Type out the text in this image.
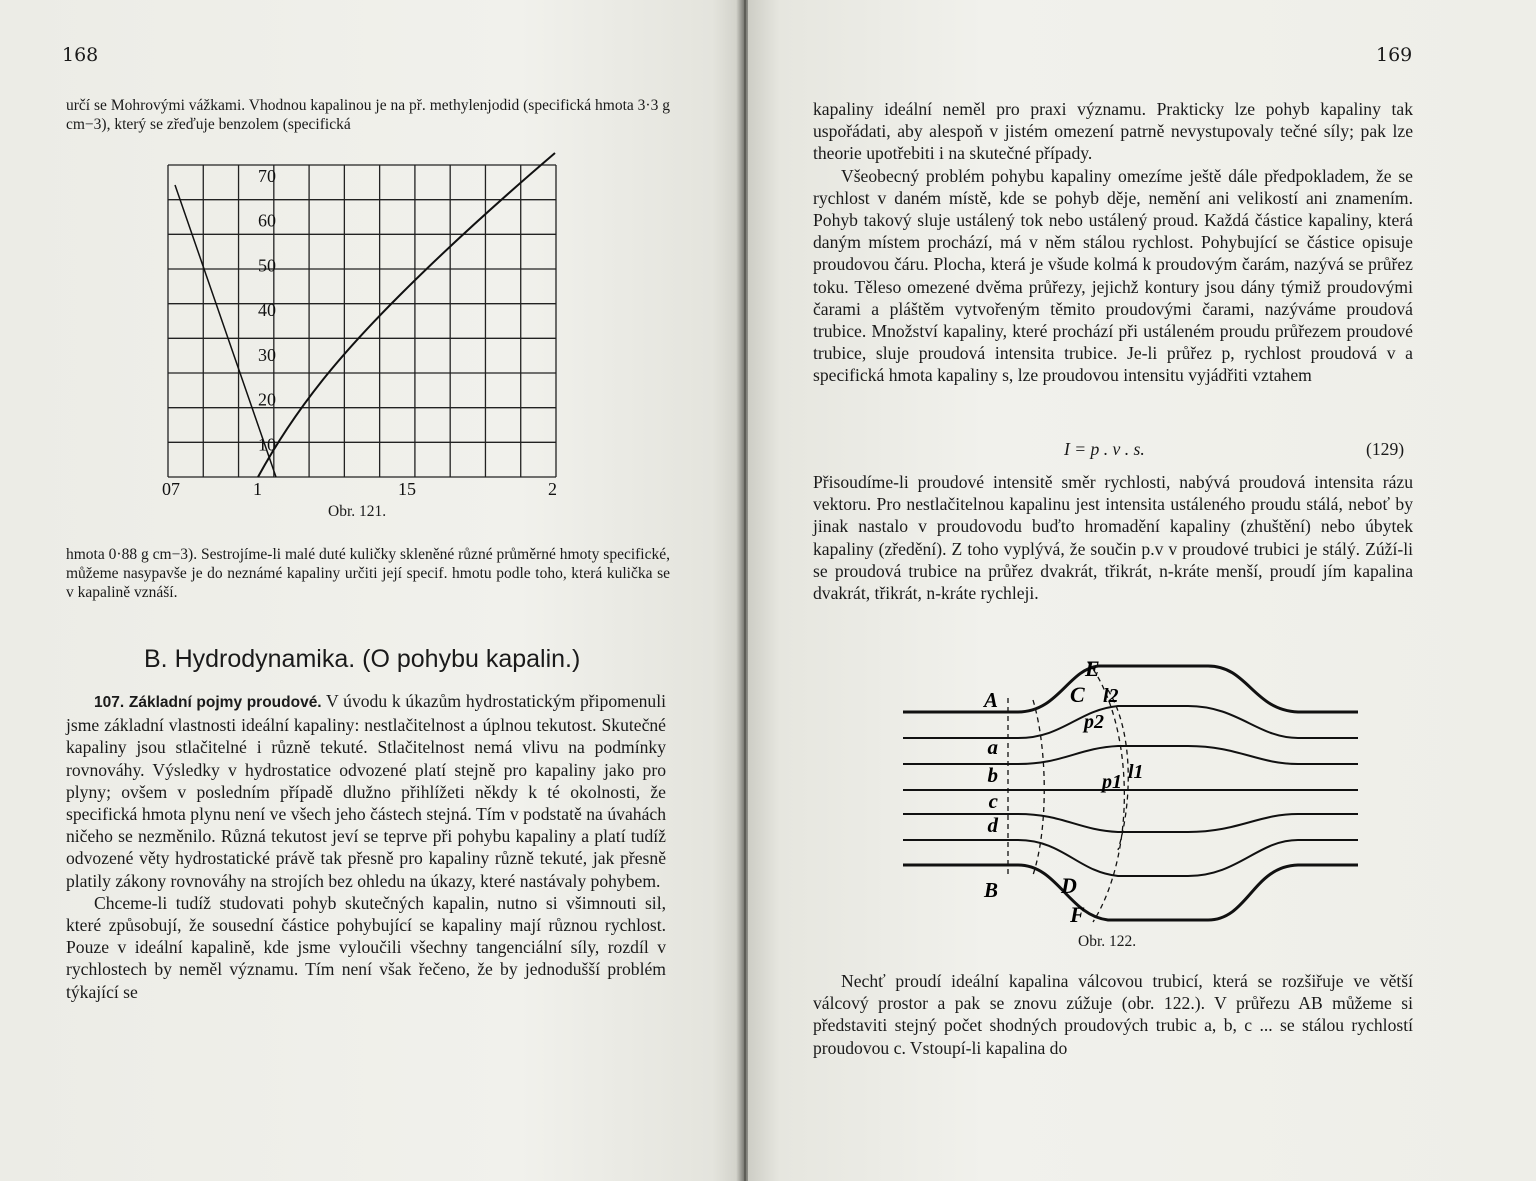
168
určí se Mohrovými vážkami. Vhodnou kapalinou je na př. methylenjodid (specifická hmota 3·3 g cm−3), který se zřeďuje benzolem (specifická
70
60
50
40
30
20
10
07	1	15	2
Obr. 121.
hmota 0·88 g cm−3). Sestrojíme-li malé duté kuličky skleněné různé průměrné hmoty specifické, můžeme nasypavše je do neznámé kapaliny určiti její specif. hmotu podle toho, která kulička se v kapalině vznáší.
B. Hydrodynamika. (O pohybu kapalin.)

107. Základní pojmy proudové. V úvodu k úkazům hydrostatickým připomenuli jsme základní vlastnosti ideální kapaliny: nestlačitelnost a úplnou tekutost. Skutečné kapaliny jsou stlačitelné i různě tekuté. Stlačitelnost nemá vlivu na podmínky rovnováhy. Výsledky v hydrostatice odvozené platí stejně pro kapaliny jako pro plyny; ovšem v posledním případě dlužno přihlížeti někdy k té okolnosti, že specifická hmota plynu není ve všech jeho částech stejná. Tím v podstatě na úvahách ničeho se nezměnilo. Různá tekutost jeví se teprve při pohybu kapaliny a platí tudíž odvozené věty hydrostatické právě tak přesně pro kapaliny různě tekuté, jak přesně platily zákony rovnováhy na strojích bez ohledu na úkazy, které nastávaly pohybem.

Chceme-li tudíž studovati pohyb skutečných kapalin, nutno si všimnouti sil, které způsobují, že sousední částice pohybující se kapaliny mají různou rychlost. Pouze v ideální kapalině, kde jsme vyloučili všechny tangenciální síly, rozdíl v rychlostech by neměl významu. Tím není však řečeno, že by jednodušší problém týkající se

169

kapaliny ideální neměl pro praxi významu. Prakticky lze pohyb kapaliny tak uspořádati, aby alespoň v jistém omezení patrně nevystupovaly tečné síly; pak lze theorie upotřebiti i na skutečné případy.

Všeobecný problém pohybu kapaliny omezíme ještě dále předpokladem, že se rychlost v daném místě, kde se pohyb děje, nemění ani velikostí ani znamením. Pohyb takový sluje ustálený tok nebo ustálený proud. Každá částice kapaliny, která daným místem prochází, má v něm stálou rychlost. Pohybující se částice opisuje proudovou čáru. Plocha, která je všude kolmá k proudovým čarám, nazývá se průřez toku. Těleso omezené dvěma průřezy, jejichž kontury jsou dány týmiž proudovými čarami a pláštěm vytvořeným těmito proudovými čarami, nazýváme proudová trubice. Množství kapaliny, které prochází při ustáleném proudu průřezem proudové trubice, sluje proudová intensita trubice. Je-li průřez p, rychlost proudová v a specifická hmota kapaliny s, lze proudovou intensitu vyjádřiti vztahem

I = p . v . s.	(129)

Přisoudíme-li proudové intensitě směr rychlosti, nabývá proudová intensita rázu vektoru. Pro nestlačitelnou kapalinu jest intensita ustáleného proudu stálá, neboť by jinak nastalo v proudovodu buďto hromadění kapaliny (zhuštění) nebo úbytek kapaliny (zředění). Z toho vyplývá, že součin p.v v proudové trubici je stálý. Zúží-li se proudová trubice na průřez dvakrát, třikrát, n-kráte menší, proudí jím kapalina dvakrát, třikrát, n-kráte rychleji.

E
C l2
A
p2
a
b	p1 l1
c
d
B	D
F
Obr. 122.

Nechť proudí ideální kapalina válcovou trubicí, která se rozšiřuje ve větší válcový prostor a pak se znovu zúžuje (obr. 122.). V průřezu AB můžeme si představiti stejný počet shodných proudových trubic a, b, c ... se stálou rychlostí proudovou c. Vstoupí-li kapalina do
